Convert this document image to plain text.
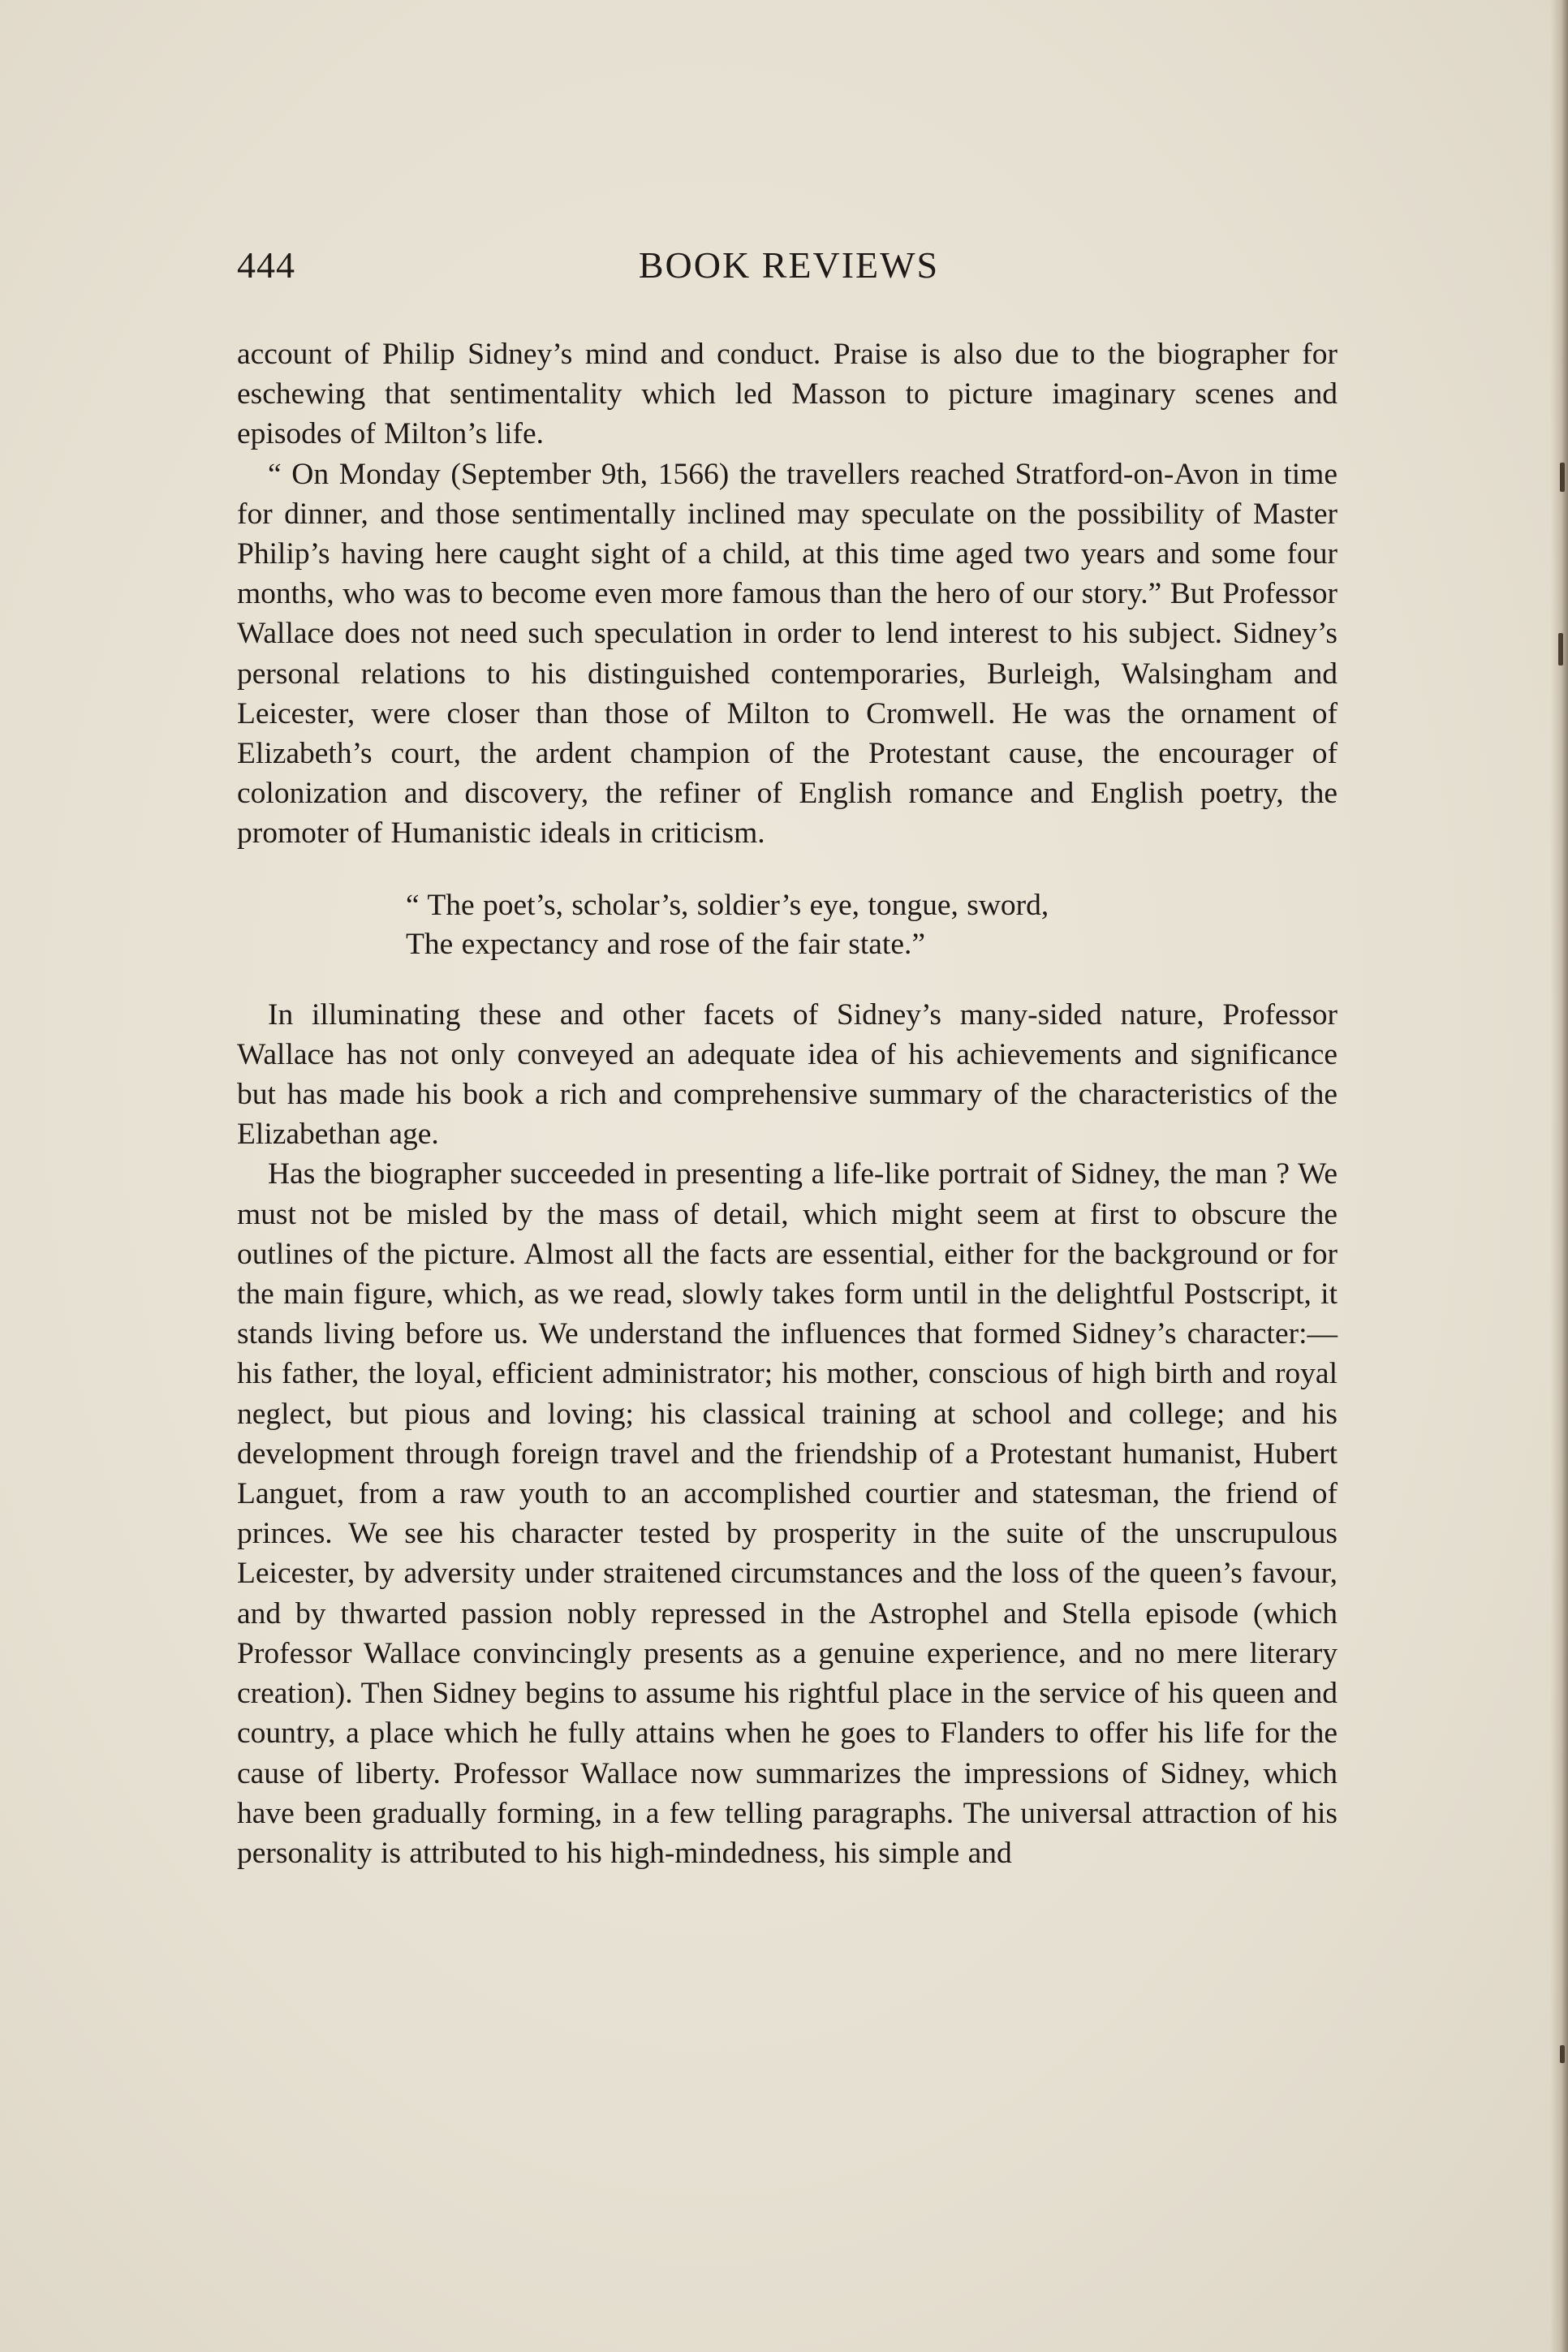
444	BOOK REVIEWS

account of Philip Sidney’s mind and conduct. Praise is also due to the biographer for eschewing that sentimentality which led Masson to picture imaginary scenes and episodes of Milton’s life.

“ On Monday (September 9th, 1566) the travellers reached Stratford-on-Avon in time for dinner, and those sentimentally inclined may speculate on the possibility of Master Philip’s having here caught sight of a child, at this time aged two years and some four months, who was to become even more famous than the hero of our story.” But Professor Wallace does not need such speculation in order to lend interest to his subject. Sidney’s personal relations to his distinguished contemporaries, Burleigh, Walsingham and Leicester, were closer than those of Milton to Cromwell. He was the ornament of Elizabeth’s court, the ardent champion of the Protestant cause, the encourager of colonization and discovery, the refiner of English romance and English poetry, the promoter of Humanistic ideals in criticism.

“ The poet’s, scholar’s, soldier’s eye, tongue, sword,
The expectancy and rose of the fair state.”

In illuminating these and other facets of Sidney’s many-sided nature, Professor Wallace has not only conveyed an adequate idea of his achievements and significance but has made his book a rich and comprehensive summary of the characteristics of the Elizabethan age.

Has the biographer succeeded in presenting a life-like portrait of Sidney, the man ? We must not be misled by the mass of detail, which might seem at first to obscure the outlines of the picture. Almost all the facts are essential, either for the background or for the main figure, which, as we read, slowly takes form until in the delightful Postscript, it stands living before us. We understand the influences that formed Sidney’s character:— his father, the loyal, efficient administrator; his mother, conscious of high birth and royal neglect, but pious and loving; his classical training at school and college; and his development through foreign travel and the friendship of a Protestant humanist, Hubert Languet, from a raw youth to an accomplished courtier and statesman, the friend of princes. We see his character tested by prosperity in the suite of the unscrupulous Leicester, by adversity under straitened circumstances and the loss of the queen’s favour, and by thwarted passion nobly repressed in the Astrophel and Stella episode (which Professor Wallace convincingly presents as a genuine experience, and no mere literary creation). Then Sidney begins to assume his rightful place in the service of his queen and country, a place which he fully attains when he goes to Flanders to offer his life for the cause of liberty. Professor Wallace now summarizes the impressions of Sidney, which have been gradually forming, in a few telling paragraphs. The universal attraction of his personality is attributed to his high-mindedness, his simple and
